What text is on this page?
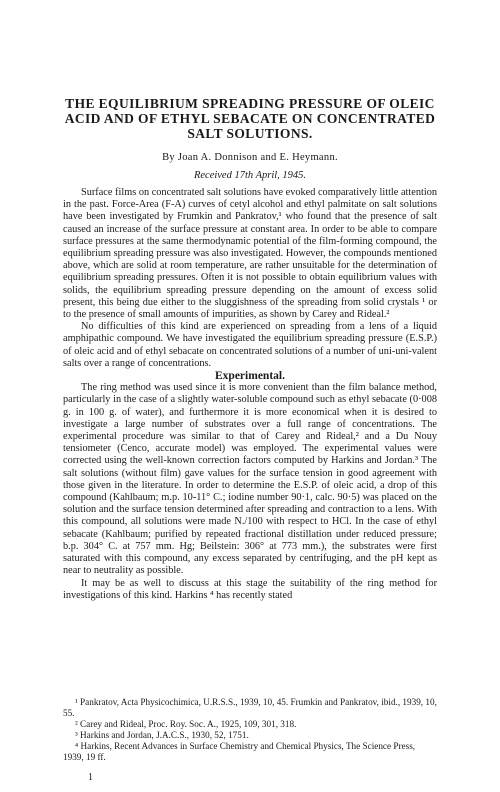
THE EQUILIBRIUM SPREADING PRESSURE OF OLEIC ACID AND OF ETHYL SEBACATE ON CONCENTRATED SALT SOLUTIONS.
By Joan A. Donnison and E. Heymann.
Received 17th April, 1945.

Surface films on concentrated salt solutions have evoked comparatively little attention in the past. Force-Area (F-A) curves of cetyl alcohol and ethyl palmitate on salt solutions have been investigated by Frumkin and Pankratov,¹ who found that the presence of salt caused an increase of the surface pressure at constant area. In order to be able to compare surface pressures at the same thermodynamic potential of the film-forming compound, the equilibrium spreading pressure was also investigated. However, the compounds mentioned above, which are solid at room temperature, are rather unsuitable for the determination of equilibrium spreading pressures. Often it is not possible to obtain equilibrium values with solids, the equilibrium spreading pressure depending on the amount of excess solid present, this being due either to the sluggishness of the spreading from solid crystals ¹ or to the presence of small amounts of impurities, as shown by Carey and Rideal.²

No difficulties of this kind are experienced on spreading from a lens of a liquid amphipathic compound. We have investigated the equilibrium spreading pressure (E.S.P.) of oleic acid and of ethyl sebacate on concentrated solutions of a number of uni-uni-valent salts over a range of concentrations.

Experimental.

The ring method was used since it is more convenient than the film balance method, particularly in the case of a slightly water-soluble compound such as ethyl sebacate (0·008 g. in 100 g. of water), and furthermore it is more economical when it is desired to investigate a large number of substrates over a full range of concentrations. The experimental procedure was similar to that of Carey and Rideal,² and a Du Nouy tensiometer (Cenco, accurate model) was employed. The experimental values were corrected using the well-known correction factors computed by Harkins and Jordan.³ The salt solutions (without film) gave values for the surface tension in good agreement with those given in the literature. In order to determine the E.S.P. of oleic acid, a drop of this compound (Kahlbaum; m.p. 10-11° C.; iodine number 90·1, calc. 90·5) was placed on the solution and the surface tension determined after spreading and contraction to a lens. With this compound, all solutions were made N./100 with respect to HCl. In the case of ethyl sebacate (Kahlbaum; purified by repeated fractional distillation under reduced pressure; b.p. 304° C. at 757 mm. Hg; Beilstein: 306° at 773 mm.), the substrates were first saturated with this compound, any excess separated by centrifuging, and the pH kept as near to neutrality as possible.

It may be as well to discuss at this stage the suitability of the ring method for investigations of this kind. Harkins ⁴ has recently stated

¹ Pankratov, Acta Physicochimica, U.R.S.S., 1939, 10, 45. Frumkin and Pankratov, ibid., 1939, 10, 55.

² Carey and Rideal, Proc. Roy. Soc. A., 1925, 109, 301, 318.

³ Harkins and Jordan, J.A.C.S., 1930, 52, 1751.

⁴ Harkins, Recent Advances in Surface Chemistry and Chemical Physics, The Science Press, 1939, 19 ff.

1
